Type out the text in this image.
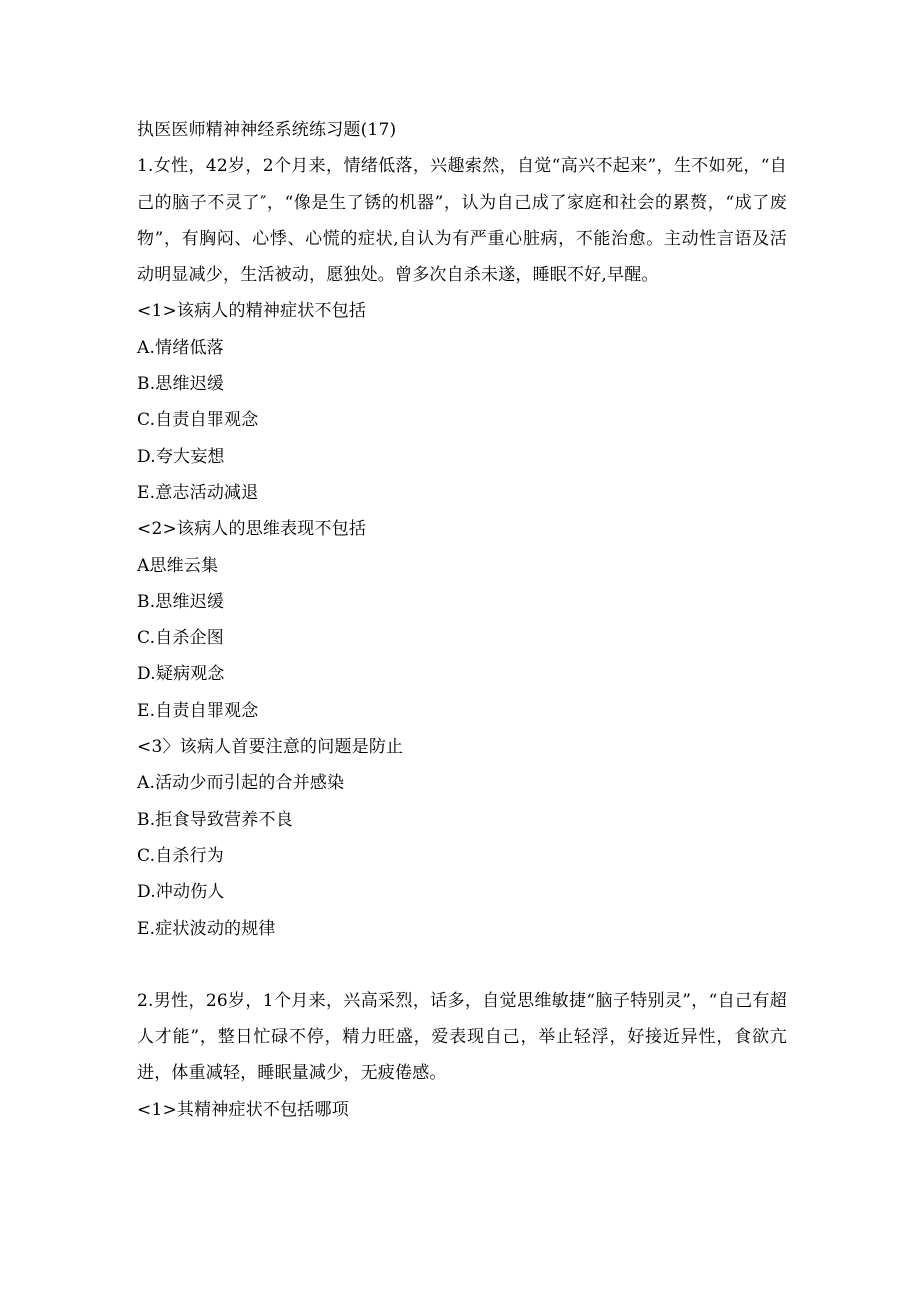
执医医师精神神经系统练习题(17)
1.女性，42岁，2个月来，情绪低落，兴趣索然，自觉“高兴不起来”，生不如死，“自己的脑子不灵了″，“像是生了锈的机器”，认为自己成了家庭和社会的累赘，“成了废物”，有胸闷、心悸、心慌的症状,自认为有严重心脏病，不能治愈。主动性言语及活动明显减少，生活被动，愿独处。曾多次自杀未遂，睡眠不好,早醒。
<1>该病人的精神症状不包括
A.情绪低落
B.思维迟缓
C.自责自罪观念
D.夸大妄想
E.意志活动减退
<2>该病人的思维表现不包括
A思维云集
B.思维迟缓
C.自杀企图
D.疑病观念
E.自责自罪观念
<3〉该病人首要注意的问题是防止
A.活动少而引起的合并感染
B.拒食导致营养不良
C.自杀行为
D.冲动伤人
E.症状波动的规律
2.男性，26岁，1个月来，兴高采烈，话多，自觉思维敏捷“脑子特别灵”，“自己有超人才能”，整日忙碌不停，精力旺盛，爱表现自己，举止轻浮，好接近异性，食欲亢进，体重减轻，睡眠量减少，无疲倦感。
<1>其精神症状不包括哪项
